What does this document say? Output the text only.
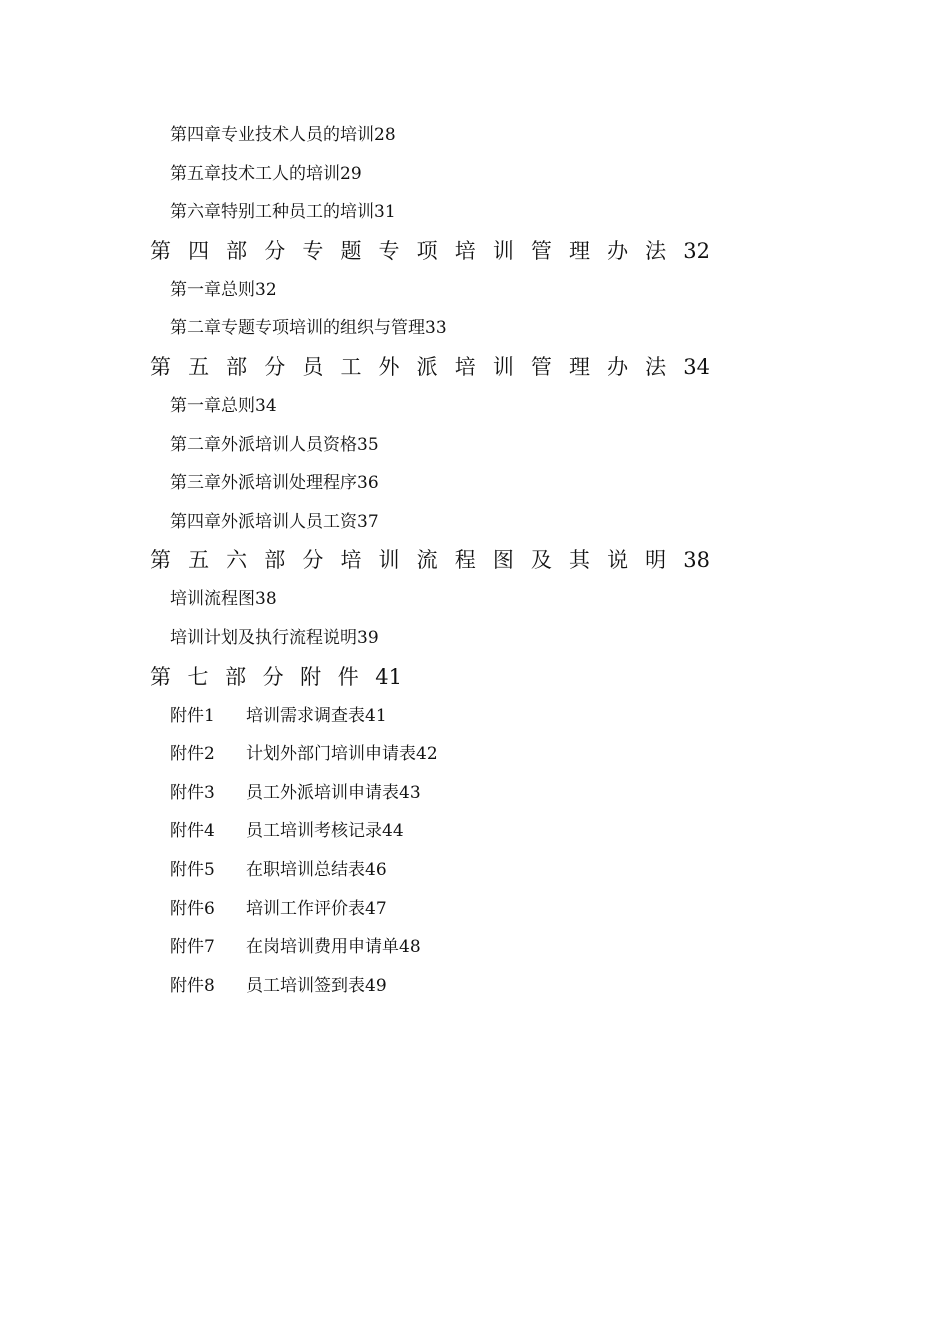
第四章专业技术人员的培训28
第五章技术工人的培训29
第六章特别工种员工的培训31
第 四 部 分 专 题 专 项 培 训 管 理 办 法 32
第一章总则32
第二章专题专项培训的组织与管理33
第 五 部 分 员 工 外 派 培 训 管 理 办 法 34
第一章总则34
第二章外派培训人员资格35
第三章外派培训处理程序36
第四章外派培训人员工资37
第 五 六 部 分 培 训 流 程 图 及 其 说 明 38
培训流程图38
培训计划及执行流程说明39
第 七 部 分 附 件 41
附件1 培训需求调查表41
附件2 计划外部门培训申请表42
附件3 员工外派培训申请表43
附件4 员工培训考核记录44
附件5 在职培训总结表46
附件6 培训工作评价表47
附件7 在岗培训费用申请单48
附件8 员工培训签到表49
